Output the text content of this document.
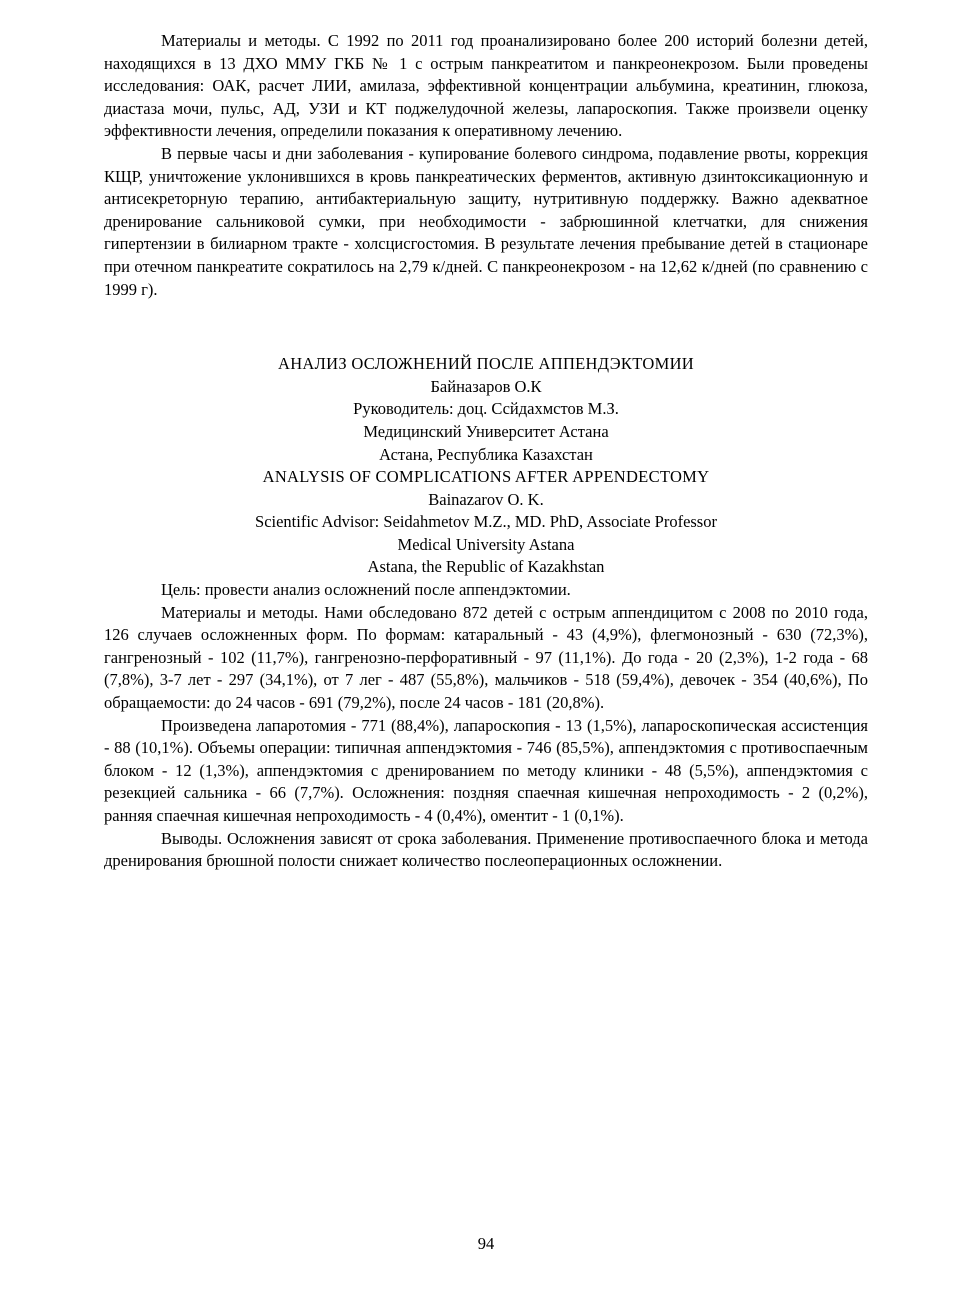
Материалы и методы. С 1992 по 2011 год проанализировано более 200 историй болезни детей, находящихся в 13 ДХО ММУ ГКБ № 1 с острым панкреатитом и панкреонекрозом. Были проведены исследования: ОАК, расчет ЛИИ, амилаза, эффективной концентрации альбумина, креатинин, глюкоза, диастаза мочи, пульс, АД, УЗИ и КТ поджелудочной железы, лапароскопия. Также произвели оценку эффективности лечения, определили показания к оперативному лечению.

В первые часы и дни заболевания - купирование болевого синдрома, подавление рвоты, коррекция КЩР, уничтожение уклонившихся в кровь панкреатических ферментов, активную дзинтоксикационную и антисекреторную терапию, антибактериальную защиту, нутритивную поддержку. Важно адекватное дренирование сальниковой сумки, при необходимости - забрюшинной клетчатки, для снижения гипертензии в билиарном тракте - холсцисгостомия. В результате лечения пребывание детей в стационаре при отечном панкреатите сократилось на 2,79 к/дней. С панкреонекрозом - на 12,62 к/дней (по сравнению с 1999 г).

АНАЛИЗ ОСЛОЖНЕНИЙ ПОСЛЕ АППЕНДЭКТОМИИ

Байназаров О.К

Руководитель: доц. Ссйдахмстов М.З.

Медицинский Университет Астана

Астана, Республика Казахстан

ANALYSIS OF COMPLICATIONS AFTER APPENDECTOMY

Bainazarov O. K.

Scientific Advisor: Seidahmetov M.Z., MD. PhD, Associate Professor

Medical University Astana

Astana, the Republic of Kazakhstan

Цель: провести анализ осложнений после аппендэктомии.

Материалы и методы. Нами обследовано 872 детей с острым аппендицитом с 2008 по 2010 года, 126 случаев осложненных форм. По формам: катаральный - 43 (4,9%), флегмонозный - 630 (72,3%), гангренозный - 102 (11,7%), гангренозно-перфоративный - 97 (11,1%). До года - 20 (2,3%), 1-2 года - 68 (7,8%), 3-7 лет - 297 (34,1%), от 7 лег - 487 (55,8%), мальчиков - 518 (59,4%), девочек - 354 (40,6%), По обращаемости: до 24 часов - 691 (79,2%), после 24 часов - 181 (20,8%).

Произведена лапаротомия - 771 (88,4%), лапароскопия - 13 (1,5%), лапароскопическая ассистенция - 88 (10,1%). Объемы операции: типичная аппендэктомия - 746 (85,5%), аппендэктомия с противоспаечным блоком - 12 (1,3%), аппендэктомия с дренированием по методу клиники - 48 (5,5%), аппендэктомия с резекцией сальника - 66 (7,7%). Осложнения: поздняя спаечная кишечная непроходимость - 2 (0,2%), ранняя спаечная кишечная непроходимость - 4 (0,4%), оментит - 1 (0,1%).

Выводы. Осложнения зависят от срока заболевания. Применение противоспаечного блока и метода дренирования брюшной полости снижает количество послеоперационных осложнении.

94
